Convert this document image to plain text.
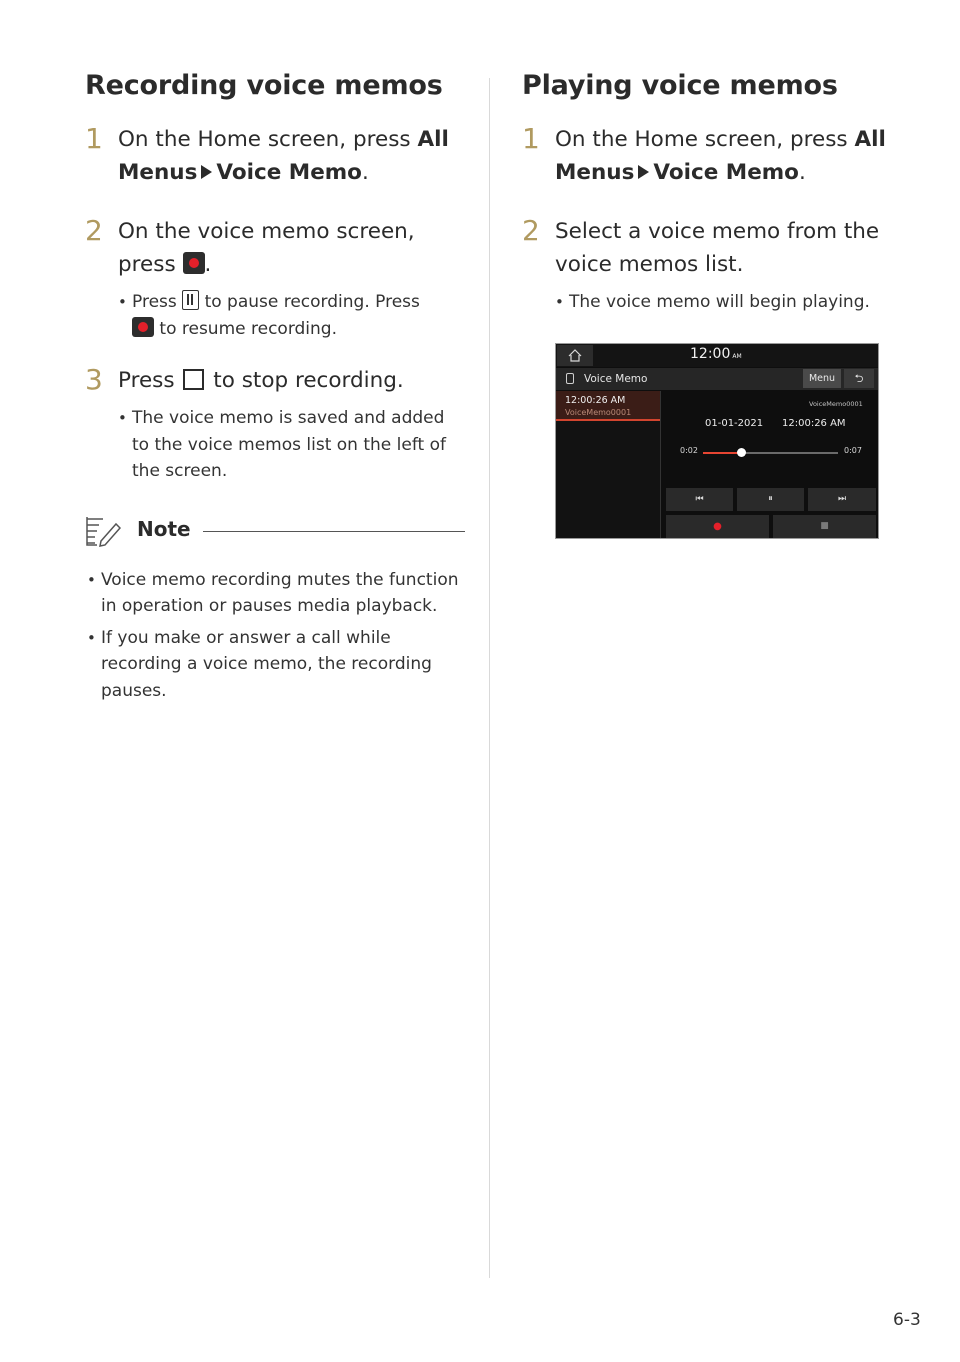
Recording voice memos
1 On the Home screen, press All
Menus Voice Memo.
2 On the voice memo screen,
press .
• Press to pause recording. Press
to resume recording.
3 Press to stop recording.
• The voice memo is saved and added to the voice memos list on the left of the screen.
Note
• Voice memo recording mutes the function in operation or pauses media playback.
• If you make or answer a call while recording a voice memo, the recording pauses.
Playing voice memos
1 On the Home screen, press All
Menus Voice Memo.
2 Select a voice memo from the voice memos list.
• The voice memo will begin playing.
12:00 AM
Voice Memo	Menu	⮌
12:00:26 AM
VoiceMemo0001
VoiceMemo0001
01-01-2021 12:00:26 AM
0:02	0:07
⏮	⏸	⏭
●	■
6-3
